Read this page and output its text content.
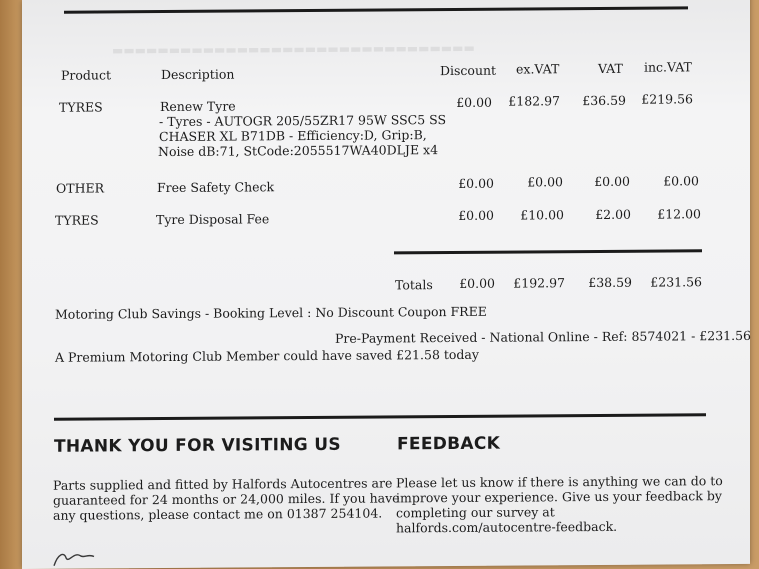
▬▬▬▬▬▬▬▬▬▬▬▬▬▬▬▬▬▬▬▬▬▬▬▬▬▬▬▬▬▬▬▬
Product	Description	Discount ex.VAT	VAT inc.VAT
TYRES	Renew Tyre
- Tyres - AUTOGR 205/55ZR17 95W SSC5 SS
CHASER XL B71DB - Efficiency:D, Grip:B,
Noise dB:71, StCode:2055517WA40DLJE x4
£0.00	£182.97	£36.59 £219.56
OTHER	Free Safety Check	£0.00	£0.00	£0.00	£0.00
TYRES	Tyre Disposal Fee	£0.00	£10.00	£2.00	£12.00
Totals	£0.00	£192.97	£38.59	£231.56
Motoring Club Savings - Booking Level : No Discount Coupon FREE
Pre-Payment Received - National Online - Ref: 8574021 - £231.56
A Premium Motoring Club Member could have saved £21.58 today
THANK YOU FOR VISITING US
Parts supplied and fitted by Halfords Autocentres are
guaranteed for 24 months or 24,000 miles. If you have
any questions, please contact me on 01387 254104.
FEEDBACK
Please let us know if there is anything we can do to
improve your experience. Give us your feedback by
completing our survey at
halfords.com/autocentre-feedback.
